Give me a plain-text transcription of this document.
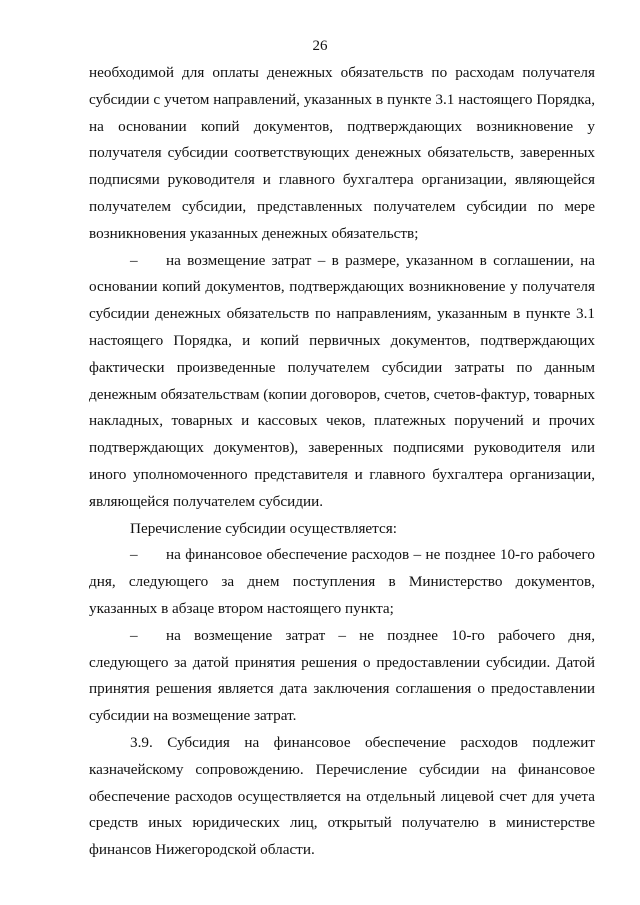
26

необходимой для оплаты денежных обязательств по расходам получателя субсидии с учетом направлений, указанных в пункте 3.1 настоящего Порядка, на основании копий документов, подтверждающих возникновение у получателя субсидии соответствующих денежных обязательств, заверенных подписями руководителя и главного бухгалтера организации, являющейся получателем субсидии, представленных получателем субсидии по мере возникновения указанных денежных обязательств;

– на возмещение затрат – в размере, указанном в соглашении, на основании копий документов, подтверждающих возникновение у получателя субсидии денежных обязательств по направлениям, указанным в пункте 3.1 настоящего Порядка, и копий первичных документов, подтверждающих фактически произведенные получателем субсидии затраты по данным денежным обязательствам (копии договоров, счетов, счетов-фактур, товарных накладных, товарных и кассовых чеков, платежных поручений и прочих подтверждающих документов), заверенных подписями руководителя или иного уполномоченного представителя и главного бухгалтера организации, являющейся получателем субсидии.

Перечисление субсидии осуществляется:

– на финансовое обеспечение расходов – не позднее 10-го рабочего дня, следующего за днем поступления в Министерство документов, указанных в абзаце втором настоящего пункта;

– на возмещение затрат – не позднее 10-го рабочего дня, следующего за датой принятия решения о предоставлении субсидии. Датой принятия решения является дата заключения соглашения о предоставлении субсидии на возмещение затрат.

3.9. Субсидия на финансовое обеспечение расходов подлежит казначейскому сопровождению. Перечисление субсидии на финансовое обеспечение расходов осуществляется на отдельный лицевой счет для учета средств иных юридических лиц, открытый получателю в министерстве финансов Нижегородской области.
